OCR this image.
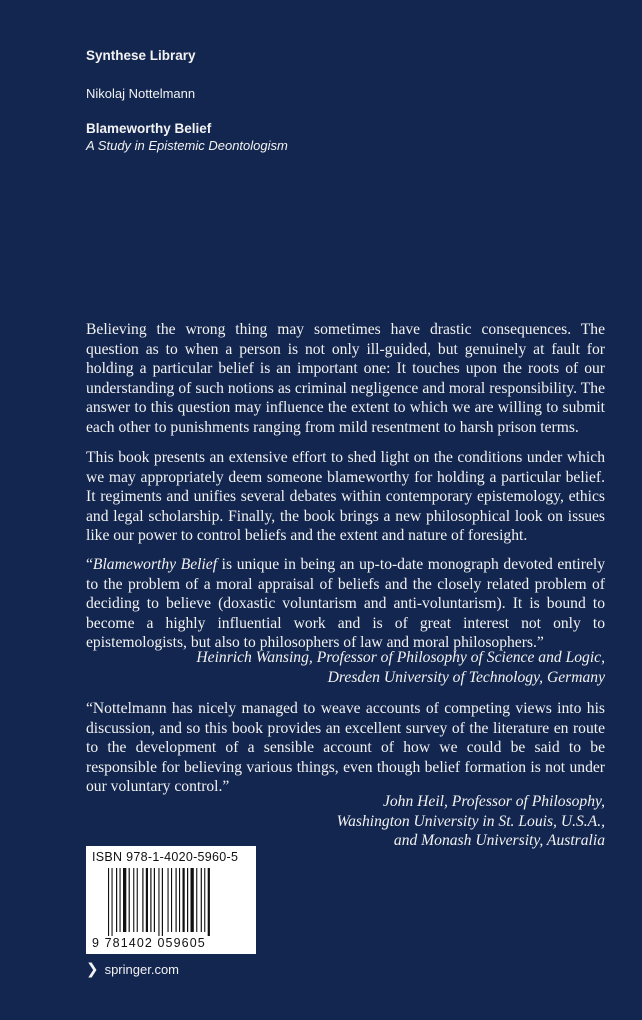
Synthese Library
Nikolaj Nottelmann
Blameworthy Belief
A Study in Epistemic Deontologism

Believing the wrong thing may sometimes have drastic consequences. The question as to when a person is not only ill-guided, but genuinely at fault for holding a particular belief is an important one: It touches upon the roots of our understanding of such notions as criminal negligence and moral responsibility. The answer to this question may influence the extent to which we are willing to submit each other to punishments ranging from mild resentment to harsh prison terms.

This book presents an extensive effort to shed light on the conditions under which we may appropriately deem someone blameworthy for holding a particular belief. It regiments and unifies several debates within contemporary epistemology, ethics and legal scholarship. Finally, the book brings a new philosophical look on issues like our power to control beliefs and the extent and nature of foresight.

“Blameworthy Belief is unique in being an up-to-date monograph devoted entirely to the problem of a moral appraisal of beliefs and the closely related problem of deciding to believe (doxastic voluntarism and anti-voluntarism). It is bound to become a highly influential work and is of great interest not only to epistemologists, but also to philosophers of law and moral philosophers.”

Heinrich Wansing, Professor of Philosophy of Science and Logic,
Dresden University of Technology, Germany

“Nottelmann has nicely managed to weave accounts of competing views into his discussion, and so this book provides an excellent survey of the literature en route to the development of a sensible account of how we could be said to be responsible for believing various things, even though belief formation is not under our voluntary control.”

John Heil, Professor of Philosophy,
Washington University in St. Louis, U.S.A.,
and Monash University, Australia
ISBN 978-1-4020-5960-5
9 781402 059605
❯ springer.com
